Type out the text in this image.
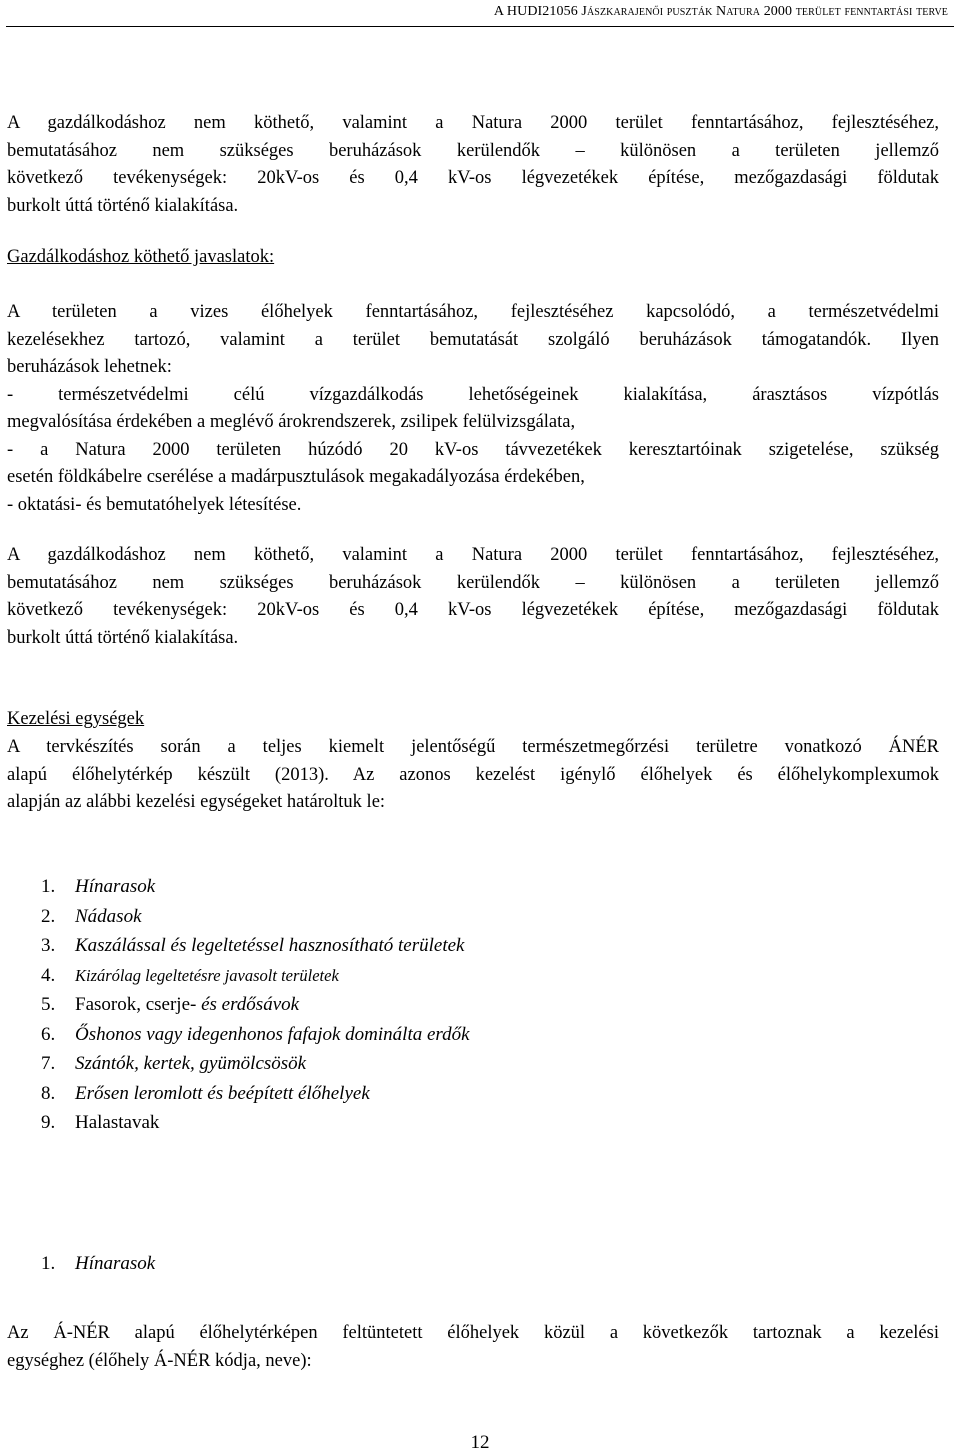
A HUDI21056 Jászkarajenői puszták Natura 2000 terület fenntartási terve
A gazdálkodáshoz nem köthető, valamint a Natura 2000 terület fenntartásához, fejlesztéséhez,
bemutatásához nem szükséges beruházások kerülendők – különösen a területen jellemző
következő tevékenységek: 20kV-os és 0,4 kV-os légvezetékek építése, mezőgazdasági földutak
burkolt úttá történő kialakítása.
Gazdálkodáshoz köthető javaslatok:
A területen a vizes élőhelyek fenntartásához, fejlesztéséhez kapcsolódó, a természetvédelmi
kezelésekhez tartozó, valamint a terület bemutatását szolgáló beruházások támogatandók. Ilyen
beruházások lehetnek:
- természetvédelmi célú vízgazdálkodás lehetőségeinek kialakítása, árasztásos vízpótlás
megvalósítása érdekében a meglévő árokrendszerek, zsilipek felülvizsgálata,
- a Natura 2000 területen húzódó 20 kV-os távvezetékek keresztartóinak szigetelése, szükség
esetén földkábelre cserélése a madárpusztulások megakadályozása érdekében,
- oktatási- és bemutatóhelyek létesítése.
A gazdálkodáshoz nem köthető, valamint a Natura 2000 terület fenntartásához, fejlesztéséhez,
bemutatásához nem szükséges beruházások kerülendők – különösen a területen jellemző
következő tevékenységek: 20kV-os és 0,4 kV-os légvezetékek építése, mezőgazdasági földutak
burkolt úttá történő kialakítása.
Kezelési egységek
A tervkészítés során a teljes kiemelt jelentőségű természetmegőrzési területre vonatkozó ÁNÉR
alapú élőhelytérkép készült (2013). Az azonos kezelést igénylő élőhelyek és élőhelykomplexumok
alapján az alábbi kezelési egységeket határoltuk le:
1. Hínarasok
2. Nádasok
3. Kaszálással és legeltetéssel hasznosítható területek
4. Kizárólag legeltetésre javasolt területek
5. Fasorok, cserje- és erdősávok
6. Őshonos vagy idegenhonos fafajok dominálta erdők
7. Szántók, kertek, gyümölcsösök
8. Erősen leromlott és beépített élőhelyek
9. Halastavak
1. Hínarasok
Az Á-NÉR alapú élőhelytérképen feltüntetett élőhelyek közül a következők tartoznak a kezelési
egységhez (élőhely Á-NÉR kódja, neve):
12
